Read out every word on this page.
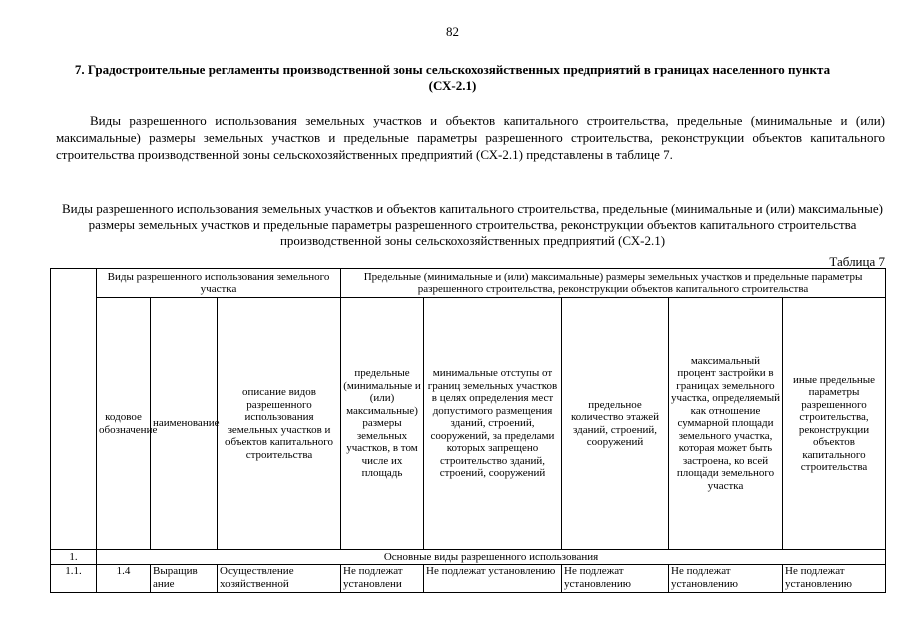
82
7. Градостроительные регламенты производственной зоны сельскохозяйственных предприятий в границах населенного пункта (СХ-2.1)
Виды разрешенного использования земельных участков и объектов капитального строительства, предельные (минимальные и (или) максимальные) размеры земельных участков и предельные параметры разрешенного строительства, реконструкции объектов капитального строительства производственной зоны сельскохозяйственных предприятий (СХ-2.1) представлены в таблице 7.
Виды разрешенного использования земельных участков и объектов капитального строительства, предельные (минимальные и (или) максимальные) размеры земельных участков и предельные параметры разрешенного строительства, реконструкции объектов капитального строительства производственной зоны сельскохозяйственных предприятий (СХ-2.1)
Таблица 7
	Виды разрешенного использования земельного участка			Предельные (минимальные и (или) максимальные) размеры земельных участков и предельные параметры разрешенного строительства, реконструкции объектов капитального строительства				
	кодовое обозначение	наименование	описание видов разрешенного использования земельных участков и объектов капитального строительства	предельные (минимальные и (или) максимальные) размеры земельных участков, в том числе их площадь	минимальные отступы от границ земельных участков в целях определения мест допустимого размещения зданий, строений, сооружений, за пределами которых запрещено строительство зданий, строений, сооружений	предельное количество этажей зданий, строений, сооружений	максимальный процент застройки в границах земельного участка, определяемый как отношение суммарной площади земельного участка, которая может быть застроена, ко всей площади земельного участка	иные предельные параметры разрешенного строительства, реконструкции объектов капитального строительства
1.	Основные виды разрешенного использования							
1.1.	1.4	Выращив ание	Осуществление хозяйственной	Не подлежат установлени	Не подлежат установлению	Не подлежат установлению	Не подлежат установлению	Не подлежат установлению
